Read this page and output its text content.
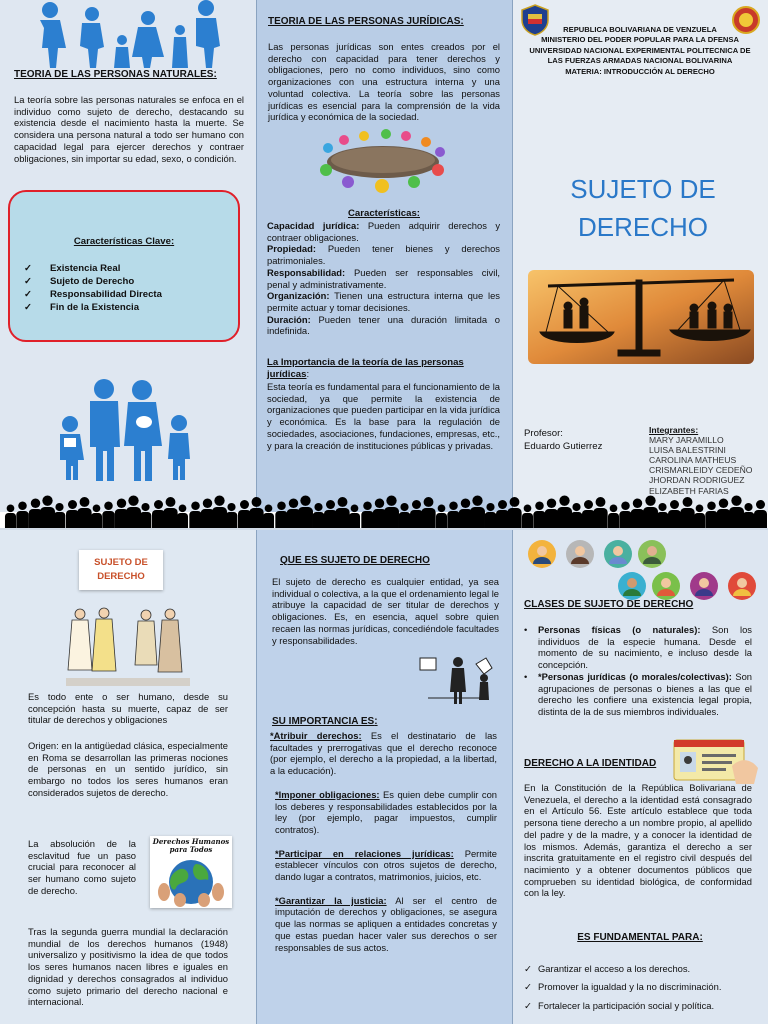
TEORIA DE LAS PERSONAS NATURALES:
La teoría sobre las personas naturales se enfoca en el individuo como sujeto de derecho, destacando su existencia desde el nacimiento hasta la muerte. Se considera una persona natural a todo ser humano con capacidad legal para ejercer derechos y contraer obligaciones, sin importar su edad, sexo, o condición.
Características Clave:
✓ Existencia Real
✓ Sujeto de Derecho
✓ Responsabilidad Directa
✓ Fin de la Existencia
TEORIA DE LAS PERSONAS JURÍDICAS:
Las personas jurídicas son entes creados por el derecho con capacidad para tener derechos y obligaciones, pero no como individuos, sino como organizaciones con una estructura interna y una voluntad colectiva. La teoría sobre las personas jurídicas es esencial para la comprensión de la vida jurídica y económica de la sociedad.
Características:
Capacidad jurídica: Pueden adquirir derechos y contraer obligaciones.
Propiedad: Pueden tener bienes y derechos patrimoniales.
Responsabilidad: Pueden ser responsables civil, penal y administrativamente.
Organización: Tienen una estructura interna que les permite actuar y tomar decisiones.
Duración: Pueden tener una duración limitada o indefinida.
La Importancia de la teoría de las personas jurídicas:
Esta teoría es fundamental para el funcionamiento de la sociedad, ya que permite la existencia de organizaciones que pueden participar en la vida jurídica y económica. Es la base para la regulación de sociedades, asociaciones, fundaciones, empresas, etc., y para la creación de instituciones públicas y privadas.
REPUBLICA BOLIVARIANA DE VENZUELA
MINISTERIO DEL PODER POPULAR PARA LA DFENSA
UNIVERSIDAD NACIONAL EXPERIMENTAL POLITECNICA DE
LAS FUERZAS ARMADAS NACIONAL BOLIVARINA
MATERIA: INTRODUCCIÓN AL DERECHO
SUJETO DE
DERECHO
Profesor:
Eduardo Gutierrez
Integrantes:
MARY JARAMILLO
LUISA BALESTRINI
CAROLINA MATHEUS
CRISMARLEIDY CEDEÑO
JHORDAN RODRIGUEZ
ELIZABETH FARIAS
SUJETO DE
DERECHO
Es todo ente o ser humano, desde su concepción hasta su muerte, capaz de ser titular de derechos y obligaciones
Origen: en la antigüedad clásica, especialmente en Roma se desarrollan las primeras nociones de personas en un sentido jurídico, sin embargo no todos los seres humanos eran considerados sujetos de derecho.
La absolución de la esclavitud fue un paso crucial para reconocer al ser humano como sujeto de derecho.
Derechos Humanos
para Todos
Tras la segunda guerra mundial la declaración mundial de los derechos humanos (1948) universalizo y positivismo la idea de que todos los seres humanos nacen libres e iguales en dignidad y derechos consagrados al individuo como sujeto primario del derecho nacional e internacional.
QUE ES SUJETO DE DERECHO
El sujeto de derecho es cualquier entidad, ya sea individual o colectiva, a la que el ordenamiento legal le atribuye la capacidad de ser titular de derechos y obligaciones. Es, en esencia, aquel sobre quien recaen las normas jurídicas, concediéndole facultades y responsabilidades.
SU IMPORTANCIA ES:
*Atribuir derechos: Es el destinatario de las facultades y prerrogativas que el derecho reconoce (por ejemplo, el derecho a la propiedad, a la libertad, a la educación).
*Imponer obligaciones: Es quien debe cumplir con los deberes y responsabilidades establecidos por la ley (por ejemplo, pagar impuestos, cumplir contratos).
*Participar en relaciones jurídicas: Permite establecer vínculos con otros sujetos de derecho, dando lugar a contratos, matrimonios, juicios, etc.
*Garantizar la justicia: Al ser el centro de imputación de derechos y obligaciones, se asegura que las normas se apliquen a entidades concretas y que estas puedan hacer valer sus derechos o ser responsables de sus actos.
CLASES DE SUJETO DE DERECHO
• Personas físicas (o naturales): Son los individuos de la especie humana. Desde el momento de su nacimiento, e incluso desde la concepción.
• *Personas jurídicas (o morales/colectivas): Son agrupaciones de personas o bienes a las que el derecho les confiere una existencia legal propia, distinta de la de sus miembros individuales.
DERECHO A LA IDENTIDAD
En la Constitución de la República Bolivariana de Venezuela, el derecho a la identidad está consagrado en el Artículo 56. Este artículo establece que toda persona tiene derecho a un nombre propio, al apellido del padre y de la madre, y a conocer la identidad de los mismos. Además, garantiza el derecho a ser inscrita gratuitamente en el registro civil después del nacimiento y a obtener documentos públicos que comprueben su identidad biológica, de conformidad con la ley.
ES FUNDAMENTAL PARA:
✓ Garantizar el acceso a los derechos.
✓ Promover la igualdad y la no discriminación.
✓ Fortalecer la participación social y política.
